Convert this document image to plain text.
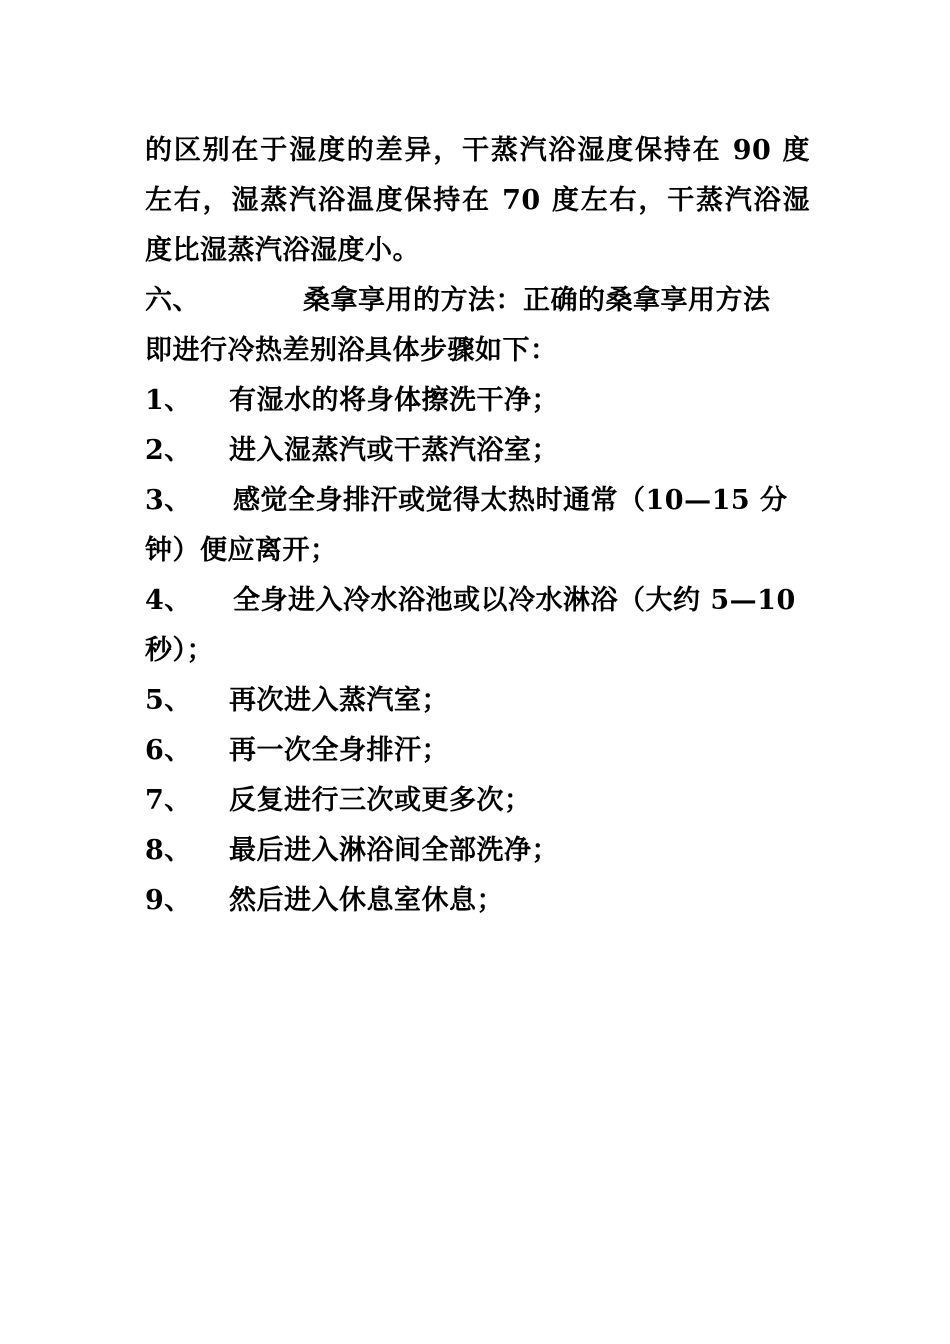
的区别在于湿度的差异，干蒸汽浴湿度保持在 90 度
左右，湿蒸汽浴温度保持在 70 度左右，干蒸汽浴湿
度比湿蒸汽浴湿度小。
六、	桑拿享用的方法：正确的桑拿享用方法
即进行冷热差别浴具体步骤如下：
1、 有湿水的将身体擦洗干净；
2、 进入湿蒸汽或干蒸汽浴室；
3、 感觉全身排汗或觉得太热时通常（10—15 分
钟）便应离开；
4、 全身进入冷水浴池或以冷水淋浴（大约 5—10
秒）；
5、 再次进入蒸汽室；
6、 再一次全身排汗；
7、 反复进行三次或更多次；
8、 最后进入淋浴间全部洗净；
9、 然后进入休息室休息；
